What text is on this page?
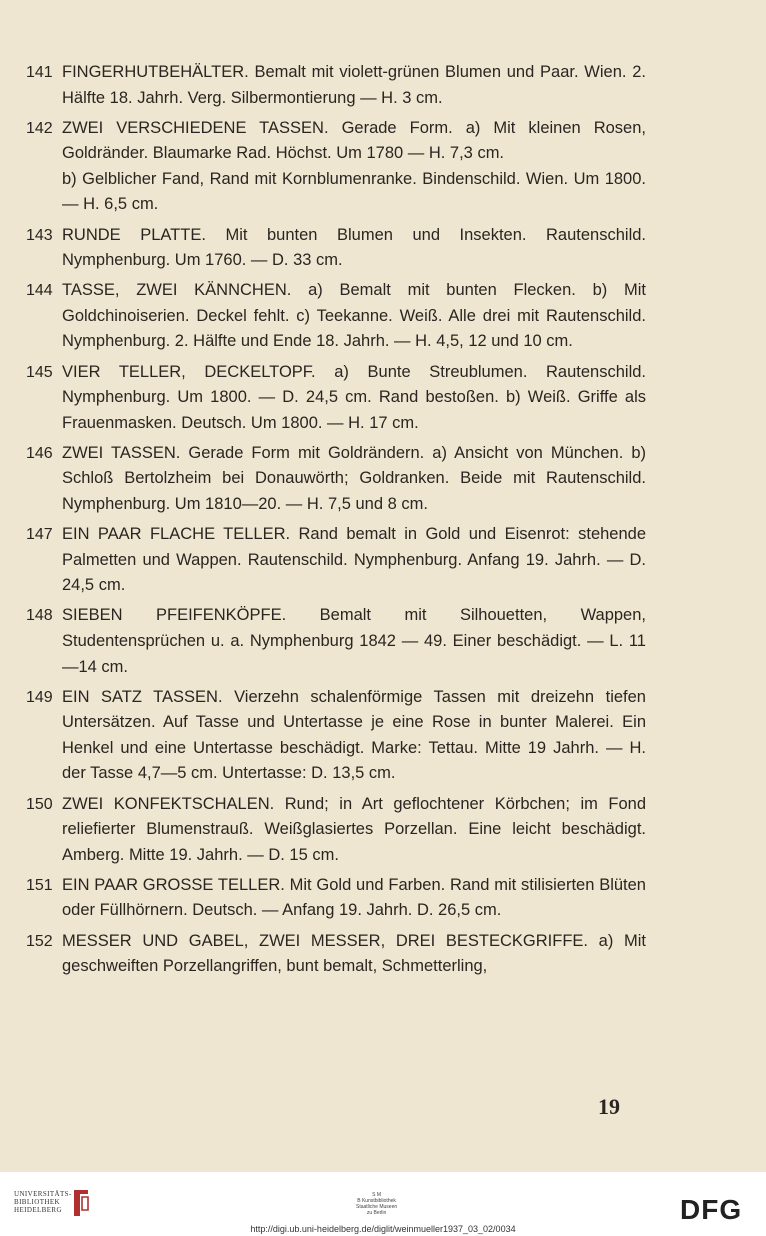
141 FINGERHUTBEHÄLTER. Bemalt mit violett-grünen Blumen und Paar. Wien. 2. Hälfte 18. Jahrh. Verg. Silbermontierung — H. 3 cm.
142 ZWEI VERSCHIEDENE TASSEN. Gerade Form. a) Mit kleinen Rosen, Goldränder. Blaumarke Rad. Höchst. Um 1780 — H. 7,3 cm.

b) Gelblicher Fand, Rand mit Kornblumenranke. Bindenschild. Wien. Um 1800. — H. 6,5 cm.

143 RUNDE PLATTE. Mit bunten Blumen und Insekten. Rautenschild. Nymphenburg. Um 1760. — D. 33 cm.
144 TASSE, ZWEI KÄNNCHEN. a) Bemalt mit bunten Flecken. b) Mit Goldchinoiserien. Deckel fehlt. c) Teekanne. Weiß. Alle drei mit Rautenschild. Nymphenburg. 2. Hälfte und Ende 18. Jahrh. — H. 4,5, 12 und 10 cm.
145 VIER TELLER, DECKELTOPF. a) Bunte Streublumen. Rautenschild. Nymphenburg. Um 1800. — D. 24,5 cm. Rand bestoßen. b) Weiß. Griffe als Frauenmasken. Deutsch. Um 1800. — H. 17 cm.
146 ZWEI TASSEN. Gerade Form mit Goldrändern. a) Ansicht von München. b) Schloß Bertolzheim bei Donauwörth; Goldranken. Beide mit Rautenschild. Nymphenburg. Um 1810—20. — H. 7,5 und 8 cm.
147 EIN PAAR FLACHE TELLER. Rand bemalt in Gold und Eisenrot: stehende Palmetten und Wappen. Rautenschild. Nymphenburg. Anfang 19. Jahrh. — D. 24,5 cm.
148 SIEBEN PFEIFENKÖPFE. Bemalt mit Silhouetten, Wappen, Studentensprüchen u. a. Nymphenburg 1842 — 49. Einer beschädigt. — L. 11—14 cm.
149 EIN SATZ TASSEN. Vierzehn schalenförmige Tassen mit dreizehn tiefen Untersätzen. Auf Tasse und Untertasse je eine Rose in bunter Malerei. Ein Henkel und eine Untertasse beschädigt. Marke: Tettau. Mitte 19 Jahrh. — H. der Tasse 4,7—5 cm. Untertasse: D. 13,5 cm.
150 ZWEI KONFEKTSCHALEN. Rund; in Art geflochtener Körbchen; im Fond reliefierter Blumenstrauß. Weißglasiertes Porzellan. Eine leicht beschädigt. Amberg. Mitte 19. Jahrh. — D. 15 cm.
151 EIN PAAR GROSSE TELLER. Mit Gold und Farben. Rand mit stilisierten Blüten oder Füllhörnern. Deutsch. — Anfang 19. Jahrh. D. 26,5 cm.
152 MESSER UND GABEL, ZWEI MESSER, DREI BESTECKGRIFFE. a) Mit geschweiften Porzellangriffen, bunt bemalt, Schmetterling,
19
UNIVERSITÄTS-
BIBLIOTHEK
HEIDELBERG
S M
B Kunstbibliothek
Staatliche Museen
zu Berlin	DFG
http://digi.ub.uni-heidelberg.de/diglit/weinmueller1937_03_02/0034
